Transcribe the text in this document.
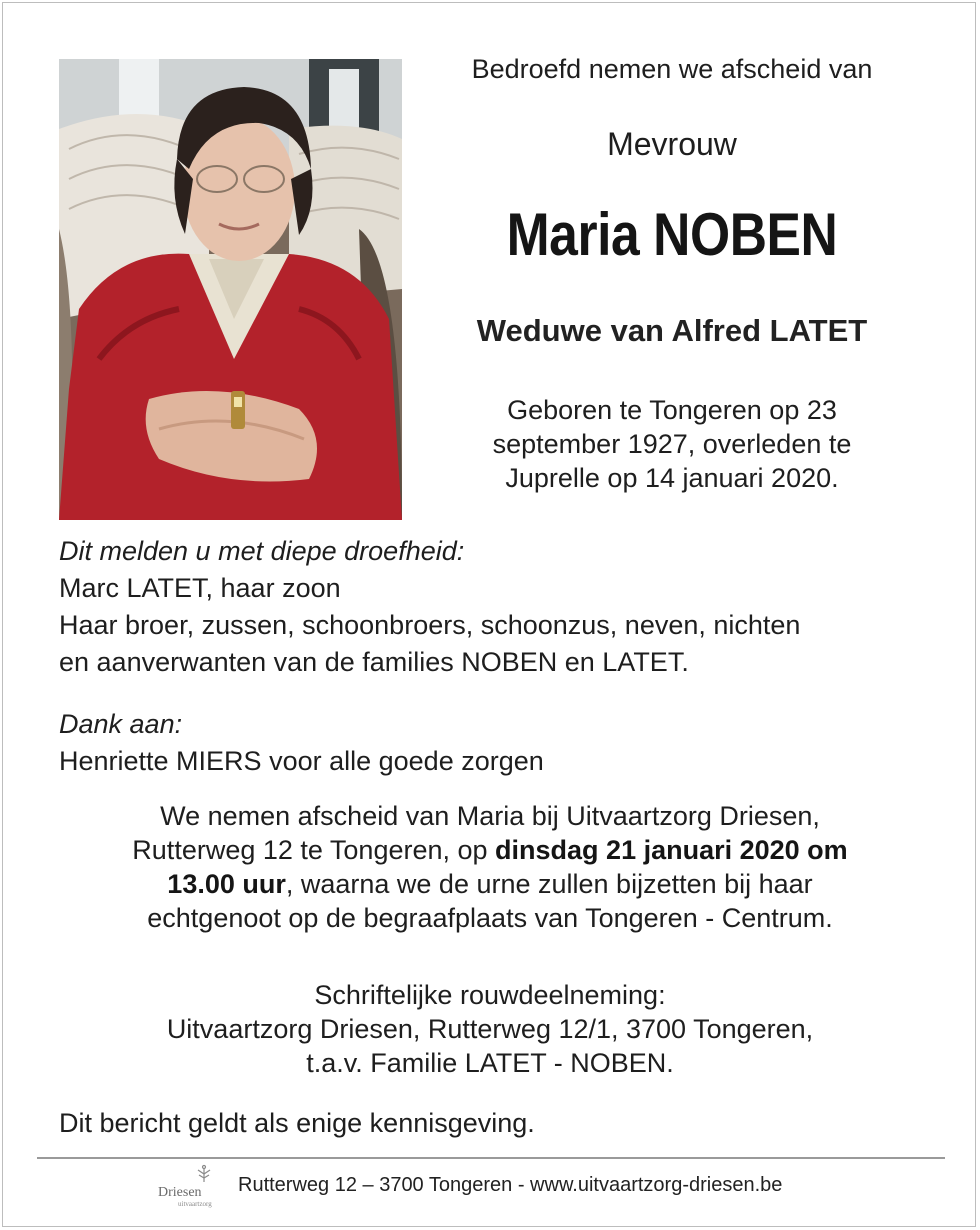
Bedroefd nemen we afscheid van
Mevrouw
Maria NOBEN
Weduwe van Alfred LATET
Geboren te Tongeren op 23
september 1927, overleden te
Juprelle op 14 januari 2020.
Dit melden u met diepe droefheid:
Marc LATET, haar zoon
Haar broer, zussen, schoonbroers, schoonzus, neven, nichten
en aanverwanten van de families NOBEN en LATET.
Dank aan:
Henriette MIERS voor alle goede zorgen
We nemen afscheid van Maria bij Uitvaartzorg Driesen,
Rutterweg 12 te Tongeren, op dinsdag 21 januari 2020 om
13.00 uur, waarna we de urne zullen bijzetten bij haar
echtgenoot op de begraafplaats van Tongeren - Centrum.
Schriftelijke rouwdeelneming:
Uitvaartzorg Driesen, Rutterweg 12/1, 3700 Tongeren,
t.a.v. Familie LATET - NOBEN.
Dit bericht geldt als enige kennisgeving.
Driesen
uitvaartzorg
Rutterweg 12 – 3700 Tongeren - www.uitvaartzorg-driesen.be
